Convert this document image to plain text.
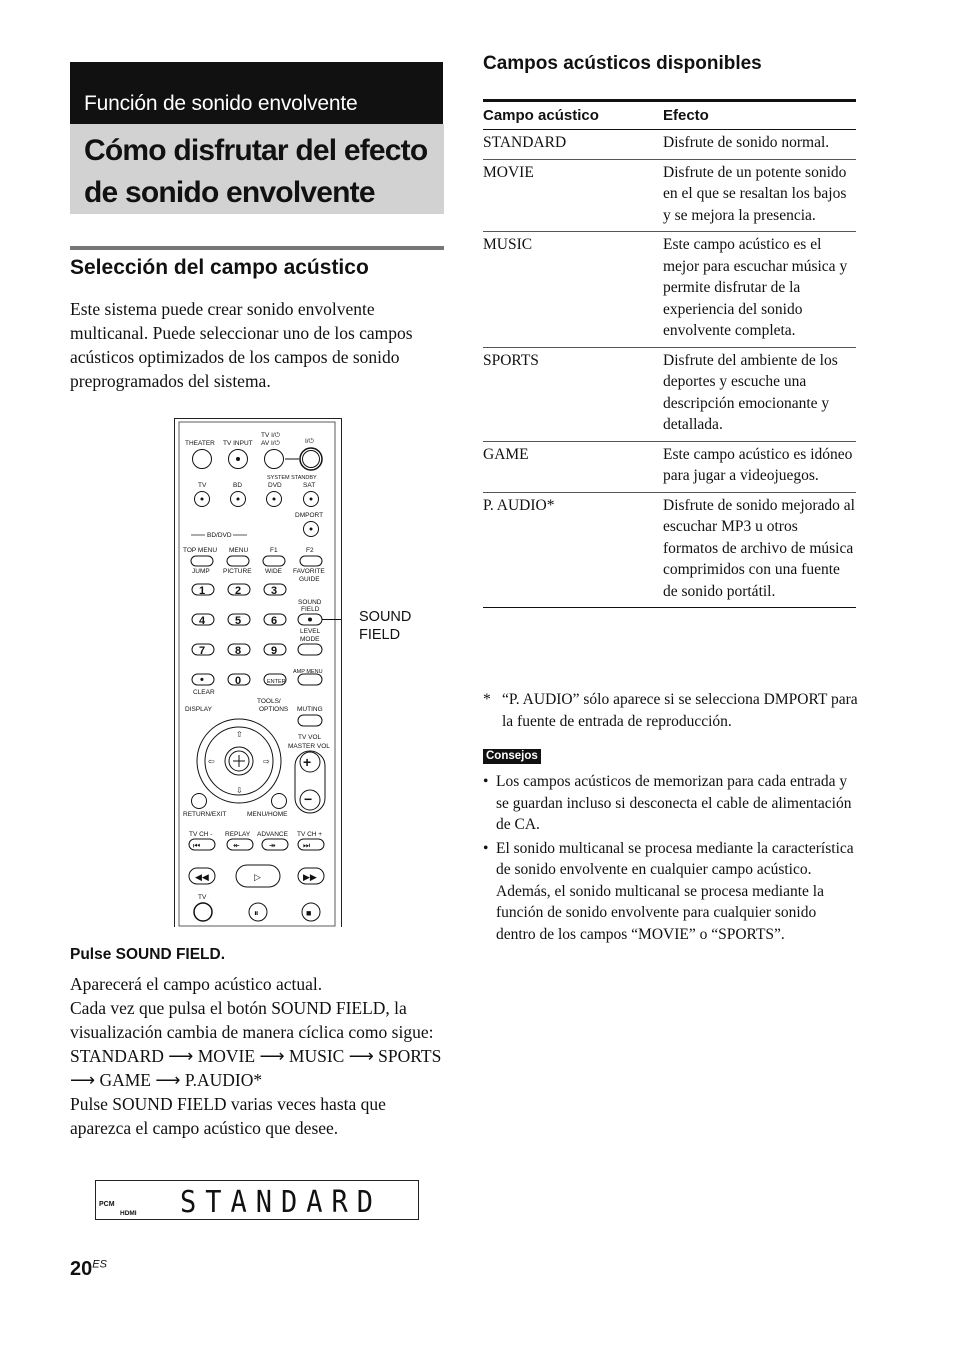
Función de sonido envolvente
Cómo disfrutar del efecto de sonido envolvente
Selección del campo acústico
Este sistema puede crear sonido envolvente multicanal. Puede seleccionar uno de los campos acústicos optimizados de los campos de sonido preprogramados del sistema.
THEATER TV INPUT
TV I/⏻
AV I/⏻	I/⏻
SYSTEM STANDBY
TV	BD	DVD	SAT
DMPORT
BD/DVD
TOP MENU MENU	F1	F2
JUMP PICTURE WIDE FAVORITE
GUIDE
1	2	3
4	5	6
7	8	9
•	0	ENTER
CLEAR
SOUND
FIELD
LEVEL
MODE
AMP MENU
TOOLS/
OPTIONS
DISPLAY	MUTING
TV VOL
MASTER VOL
⇧
⇩
⇦	⇨ +
−
RETURN/EXIT	MENU/HOME
TV CH - REPLAY ADVANCE TV CH +
⏮	↞	↠	⏭
◀◀	▷	▶▶
TV
⏸	■
SOUND
FIELD
Pulse SOUND FIELD.

Aparecerá el campo acústico actual.

Cada vez que pulsa el botón SOUND FIELD, la visualización cambia de manera cíclica como sigue:

STANDARD ⟶ MOVIE ⟶ MUSIC ⟶ SPORTS ⟶ GAME ⟶ P.AUDIO*

Pulse SOUND FIELD varias veces hasta que aparezca el campo acústico que desee.

PCM
HDMI STANDARD
$20^{ES}$
Campos acústicos disponibles
Campo acústico	Efecto
STANDARD	Disfrute de sonido normal.
MOVIE	Disfrute de un potente sonido en el que se resaltan los bajos y se mejora la presencia.
MUSIC	Este campo acústico es el mejor para escuchar música y permite disfrutar de la experiencia del sonido envolvente completa.
SPORTS	Disfrute del ambiente de los deportes y escuche una descripción emocionante y detallada.
GAME	Este campo acústico es idóneo para jugar a videojuegos.
P. AUDIO*	Disfrute de sonido mejorado al escuchar MP3 u otros formatos de archivo de música comprimidos con una fuente de sonido portátil.
* “P. AUDIO” sólo aparece si se selecciona DMPORT para la fuente de entrada de reproducción.
Consejos
• Los campos acústicos de memorizan para cada entrada y se guardan incluso si desconecta el cable de alimentación de CA.
• El sonido multicanal se procesa mediante la característica de sonido envolvente en cualquier campo acústico. Además, el sonido multicanal se procesa mediante la función de sonido envolvente para cualquier sonido dentro de los campos “MOVIE” o “SPORTS”.
